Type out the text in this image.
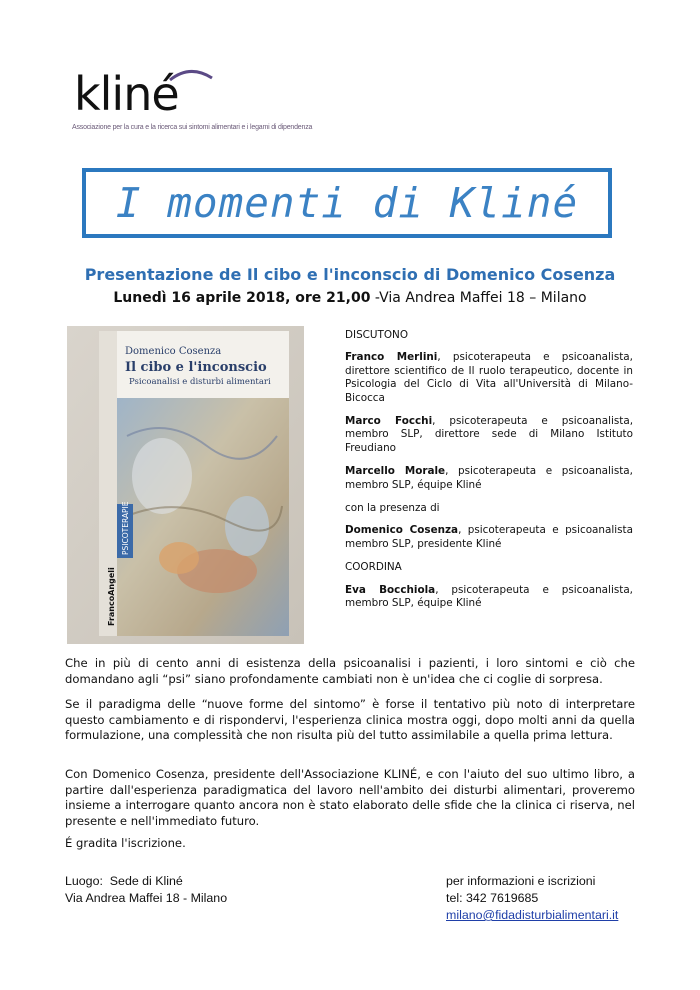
kliné
Associazione per la cura e la ricerca sui sintomi alimentari e i legami di dipendenza
I momenti di Kliné
Presentazione de Il cibo e l'inconscio di Domenico Cosenza
Lunedì 16 aprile 2018, ore 21,00 -Via Andrea Maffei 18 – Milano
Domenico Cosenza
Il cibo e l'inconscio
Psicoanalisi e disturbi alimentari
PSICOTERAPIE
FrancoAngeli

DISCUTONO

Franco Merlini, psicoterapeuta e psicoanalista, direttore scientifico de Il ruolo terapeutico, docente in Psicologia del Ciclo di Vita all'Università di Milano-Bicocca

Marco Focchi, psicoterapeuta e psicoanalista, membro SLP, direttore sede di Milano Istituto Freudiano

Marcello Morale, psicoterapeuta e psicoanalista, membro SLP, équipe Kliné

con la presenza di

Domenico Cosenza, psicoterapeuta e psicoanalista membro SLP, presidente Kliné

COORDINA

Eva Bocchiola, psicoterapeuta e psicoanalista, membro SLP, équipe Kliné

Che in più di cento anni di esistenza della psicoanalisi i pazienti, i loro sintomi e ciò che domandano agli “psi” siano profondamente cambiati non è un'idea che ci coglie di sorpresa.

Se il paradigma delle “nuove forme del sintomo” è forse il tentativo più noto di interpretare questo cambiamento e di rispondervi, l'esperienza clinica mostra oggi, dopo molti anni da quella formulazione, una complessità che non risulta più del tutto assimilabile a quella prima lettura.

Con Domenico Cosenza, presidente dell'Associazione KLINÉ, e con l'aiuto del suo ultimo libro, a partire dall'esperienza paradigmatica del lavoro nell'ambito dei disturbi alimentari, proveremo insieme a interrogare quanto ancora non è stato elaborato delle sfide che la clinica ci riserva, nel presente e nell'immediato futuro.

É gradita l'iscrizione.

Luogo:  Sede di Kliné
Via Andrea Maffei 18 - Milano
per informazioni e iscrizioni
tel: 342 7619685
milano@fidadisturbialimentari.it
